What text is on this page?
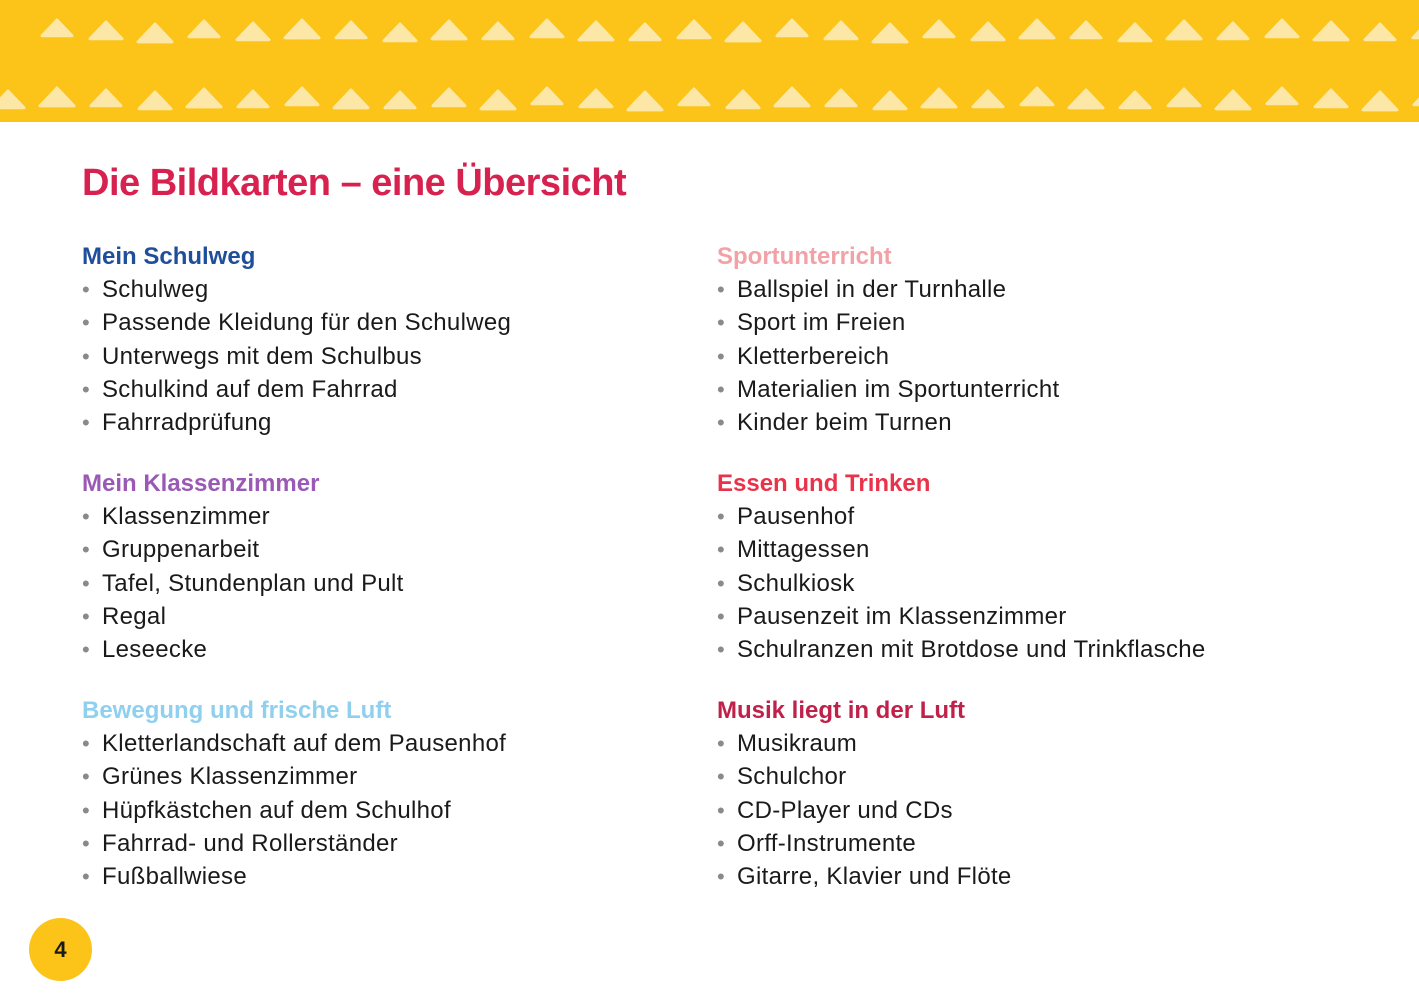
Die Bildkarten – eine Übersicht
Mein Schulweg
• Schulweg
• Passende Kleidung für den Schulweg
• Unterwegs mit dem Schulbus
• Schulkind auf dem Fahrrad
• Fahrradprüfung
Mein Klassenzimmer
• Klassenzimmer
• Gruppenarbeit
• Tafel, Stundenplan und Pult
• Regal
• Leseecke
Bewegung und frische Luft
• Kletterlandschaft auf dem Pausenhof
• Grünes Klassenzimmer
• Hüpfkästchen auf dem Schulhof
• Fahrrad- und Rollerständer
• Fußballwiese
Sportunterricht
• Ballspiel in der Turnhalle
• Sport im Freien
• Kletterbereich
• Materialien im Sportunterricht
• Kinder beim Turnen
Essen und Trinken
• Pausenhof
• Mittagessen
• Schulkiosk
• Pausenzeit im Klassenzimmer
• Schulranzen mit Brotdose und Trinkflasche
Musik liegt in der Luft
• Musikraum
• Schulchor
• CD-Player und CDs
• Orff-Instrumente
• Gitarre, Klavier und Flöte
4
